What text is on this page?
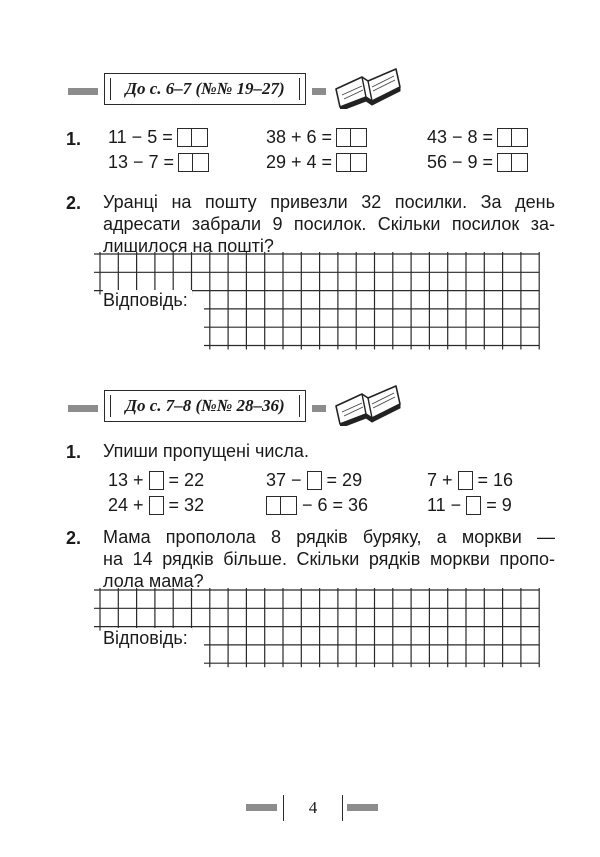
До с. 6–7 (№№ 19–27)
1. 11 − 5 =	38 + 6 =	43 − 8 =
13 − 7 =	29 + 4 =	56 − 9 =
2. Уранці на пошту привезли 32 посилки. За день
адресати забрали 9 посилок. Скільки посилок за-
лишилося на пошті?
Відповідь:
До с. 7–8 (№№ 28–36)
1. Упиши пропущені числа.
13 + = 22	37 − = 29	7 + = 16
24 + = 32	− 6 = 36	11 − = 9
2. Мама прополола 8 рядків буряку, а моркви —
на 14 рядків більше. Скільки рядків моркви пропо-
лола мама?
Відповідь:
4
